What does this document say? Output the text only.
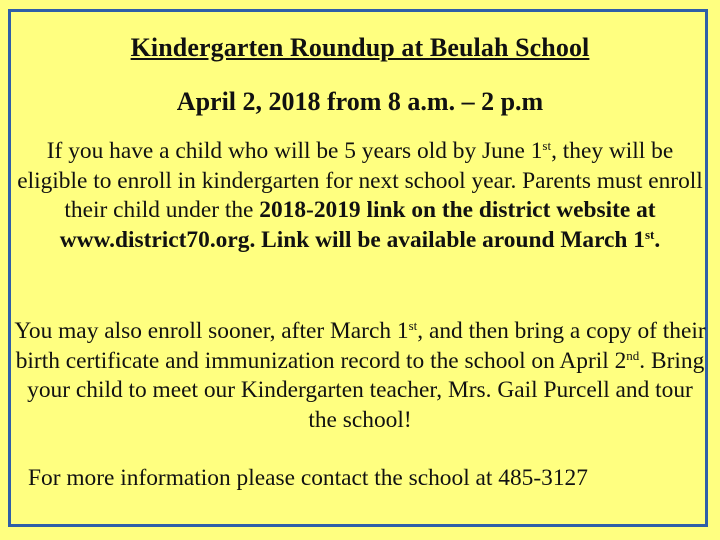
Kindergarten Roundup at Beulah School
April 2, 2018 from 8 a.m. – 2 p.m
If you have a child who will be 5 years old by June 1st, they will be eligible to enroll in kindergarten for next school year. Parents must enroll their child under the 2018-2019 link on the district website at www.district70.org. Link will be available around March 1st.
You may also enroll sooner, after March 1st, and then bring a copy of their birth certificate and immunization record to the school on April 2nd. Bring your child to meet our Kindergarten teacher, Mrs. Gail Purcell and tour the school!
For more information please contact the school at 485-3127
